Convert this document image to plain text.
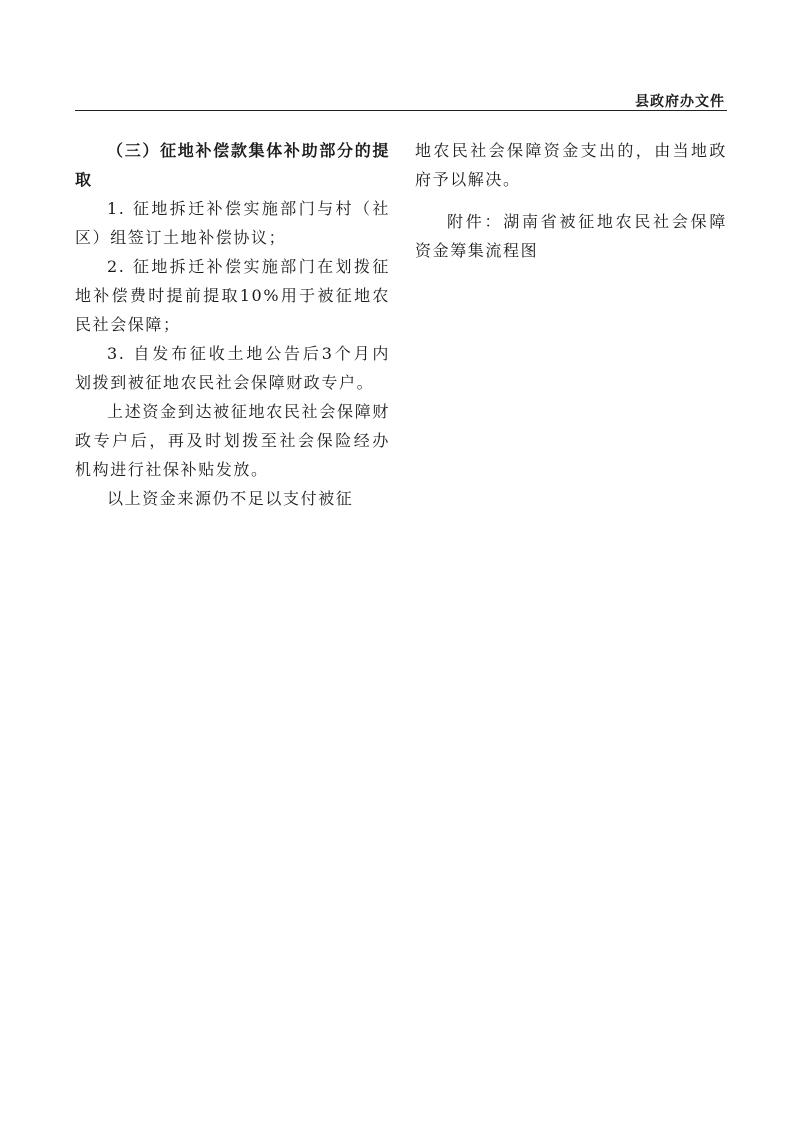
县政府办文件

（三）征地补偿款集体补助部分的提取

1. 征地拆迁补偿实施部门与村（社区）组签订土地补偿协议；

2. 征地拆迁补偿实施部门在划拨征地补偿费时提前提取10%用于被征地农民社会保障；

3. 自发布征收土地公告后3个月内划拨到被征地农民社会保障财政专户。

上述资金到达被征地农民社会保障财政专户后，再及时划拨至社会保险经办机构进行社保补贴发放。

以上资金来源仍不足以支付被征

地农民社会保障资金支出的，由当地政府予以解决。

附件：湖南省被征地农民社会保障资金筹集流程图
